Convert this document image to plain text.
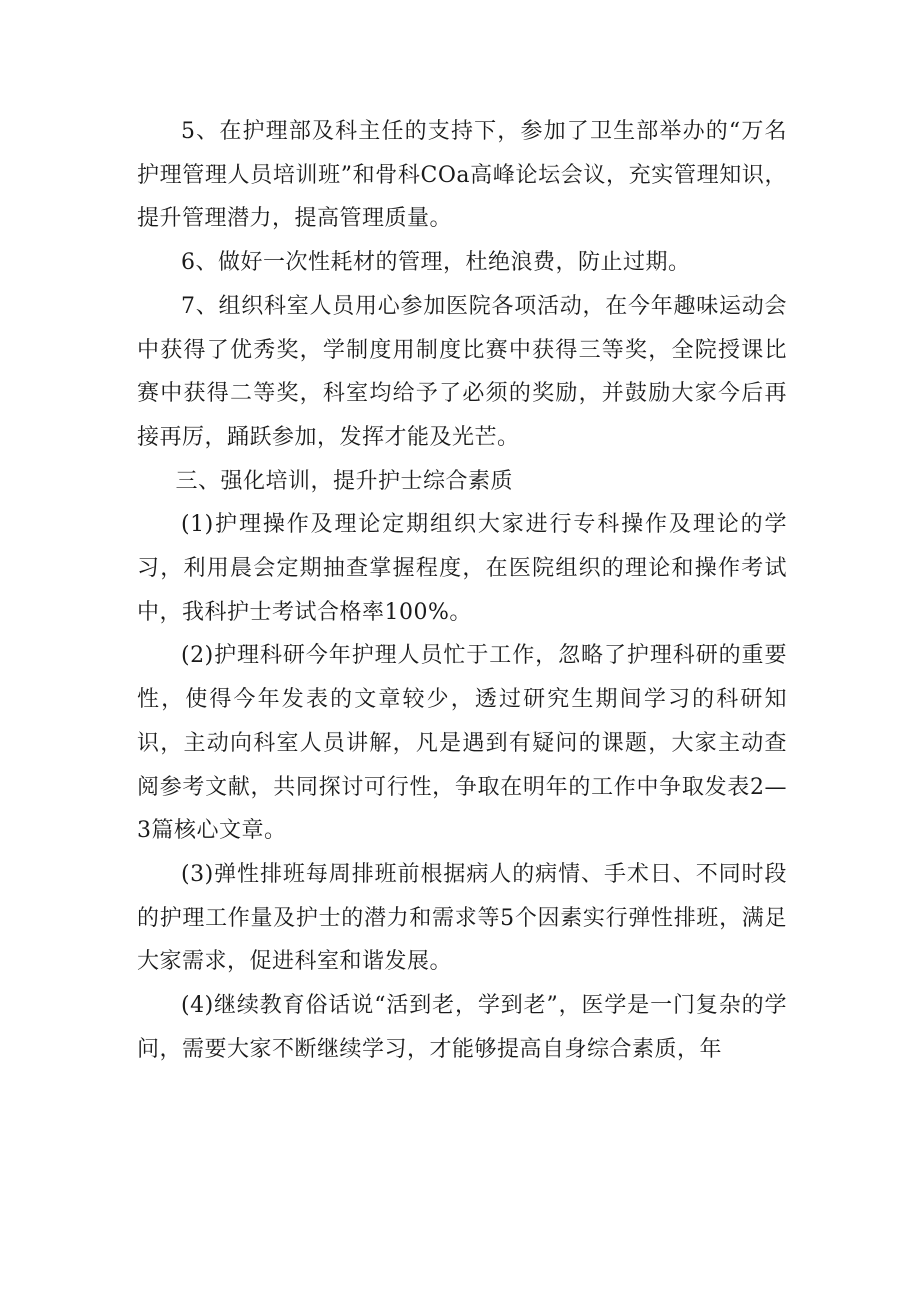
5、在护理部及科主任的支持下，参加了卫生部举办的“万名护理管理人员培训班”和骨科COa高峰论坛会议，充实管理知识，提升管理潜力，提高管理质量。

6、做好一次性耗材的管理，杜绝浪费，防止过期。

7、组织科室人员用心参加医院各项活动，在今年趣味运动会中获得了优秀奖，学制度用制度比赛中获得三等奖，全院授课比赛中获得二等奖，科室均给予了必须的奖励，并鼓励大家今后再接再厉，踊跃参加，发挥才能及光芒。

三、强化培训，提升护士综合素质

(1)护理操作及理论定期组织大家进行专科操作及理论的学习，利用晨会定期抽查掌握程度，在医院组织的理论和操作考试中，我科护士考试合格率100%。

(2)护理科研今年护理人员忙于工作，忽略了护理科研的重要性，使得今年发表的文章较少，透过研究生期间学习的科研知识，主动向科室人员讲解，凡是遇到有疑问的课题，大家主动查阅参考文献，共同探讨可行性，争取在明年的工作中争取发表2—3篇核心文章。

(3)弹性排班每周排班前根据病人的病情、手术日、不同时段的护理工作量及护士的潜力和需求等5个因素实行弹性排班，满足大家需求，促进科室和谐发展。

(4)继续教育俗话说“活到老，学到老”，医学是一门复杂的学问，需要大家不断继续学习，才能够提高自身综合素质，年
